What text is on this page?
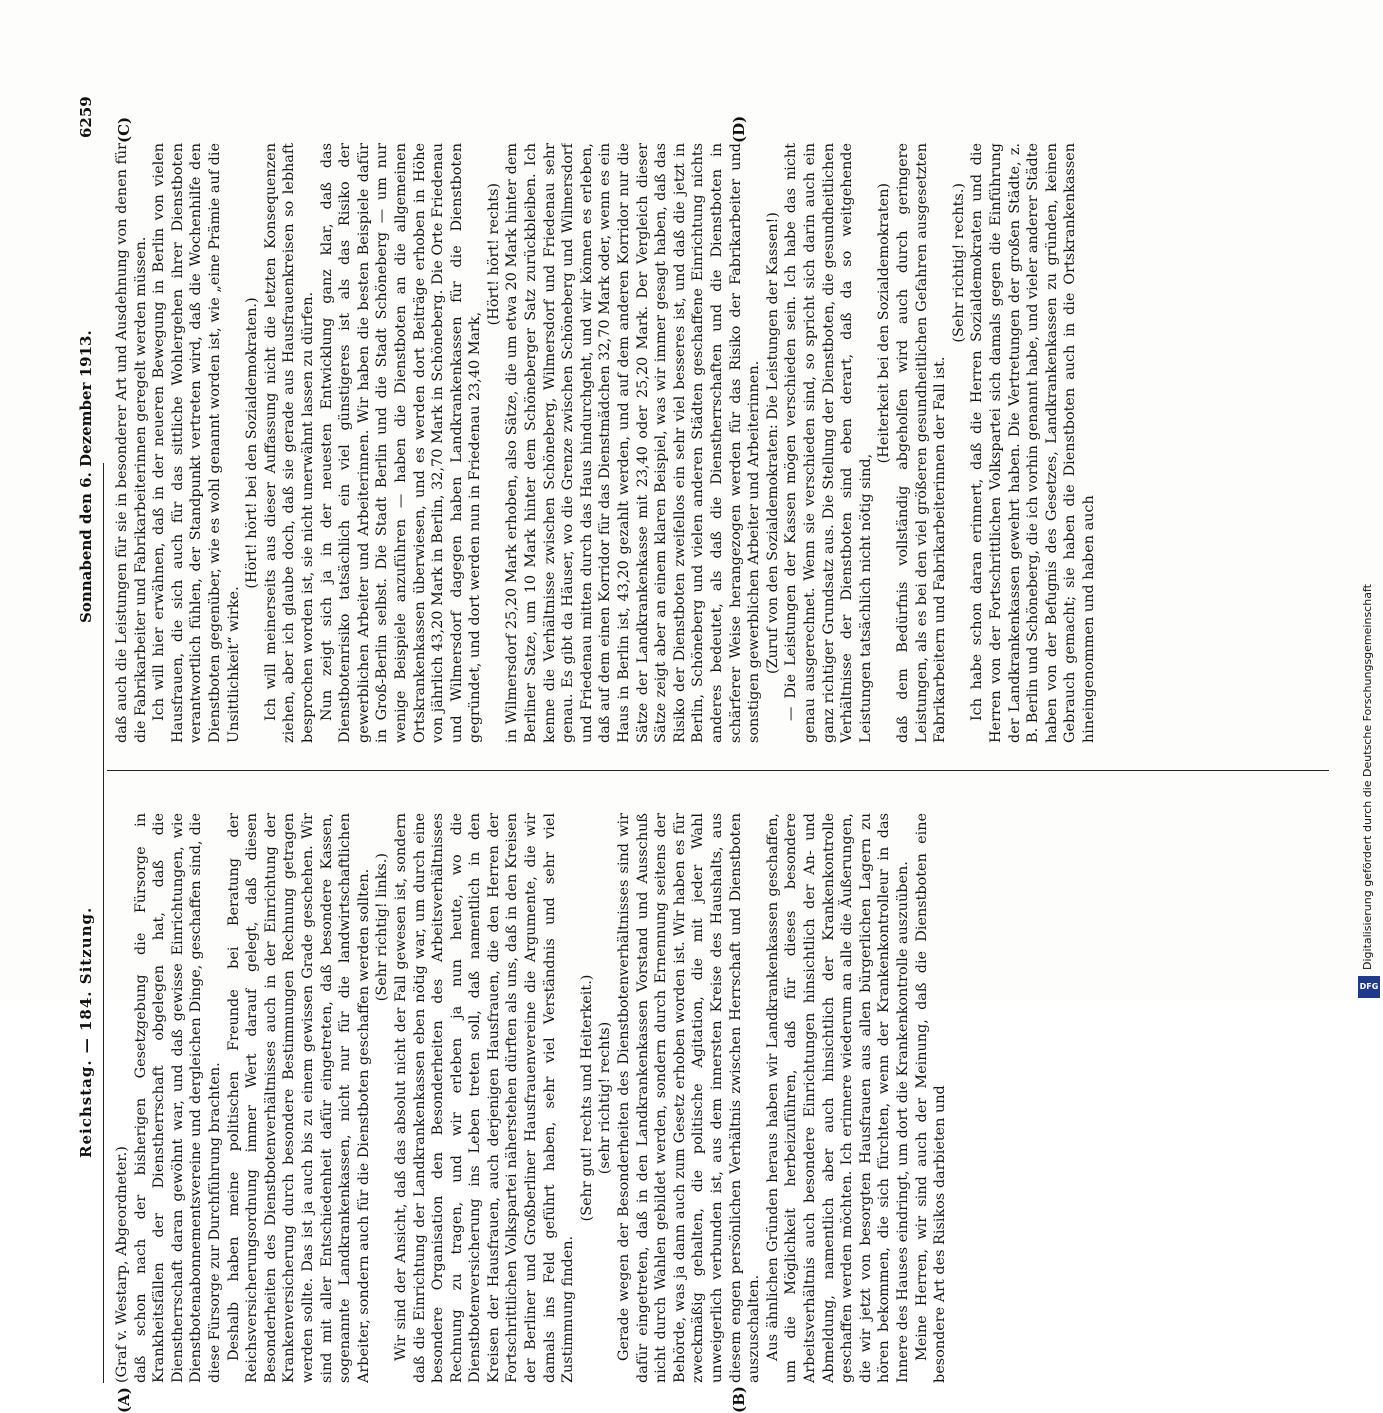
Reichstag. — 184. Sitzung.
Sonnabend den 6. Dezember 1913.
6259

(Graf v. Westarp, Abgeordneter.) daß schon nach der bisherigen Gesetzgebung die Fürsorge in Krankheitsfällen der Dienstherrschaft obgelegen hat, daß die Dienstherrschaft daran gewöhnt war, und daß gewisse Einrichtungen, wie Dienstbotenabonnementsvereine und dergleichen Dinge, geschaffen sind, die diese Fürsorge zur Durchführung brachten. Deshalb haben meine politischen Freunde bei Beratung der Reichsversicherungsordnung immer Wert darauf gelegt, daß diesen Besonderheiten des Dienstbotenverhältnisses auch in der Einrichtung der Krankenversicherung durch besondere Bestimmungen Rechnung getragen werden sollte. Das ist ja auch bis zu einem gewissen Grade geschehen. Wir sind mit aller Entschiedenheit dafür eingetreten, daß besondere Kassen, sogenannte Landkrankenkassen, nicht nur für die landwirtschaftlichen Arbeiter, sondern auch für die Dienstboten geschaffen werden sollten. (Sehr richtig! links.) Wir sind der Ansicht, daß das absolut nicht der Fall gewesen ist, sondern daß die Einrichtung der Landkrankenkassen eben nötig war, um durch eine besondere Organisation den Besonderheiten des Arbeitsverhältnisses Rechnung zu tragen, und wir erleben ja nun heute, wo die Dienstbotenversicherung ins Leben treten soll, daß namentlich in den Kreisen der Hausfrauen, auch derjenigen Hausfrauen, die den Herren der Fortschrittlichen Volkspartei näherstehen dürften als uns, daß in den Kreisen der Berliner und Großberliner Hausfrauenvereine die Argumente, die wir damals ins Feld geführt haben, sehr viel Verständnis und sehr viel Zustimmung finden.

(Sehr gut! rechts und Heiterkeit.) (sehr richtig! rechts) Gerade wegen der Besonderheiten des Dienstbotenverhältnisses sind wir dafür eingetreten, daß in den Landkrankenkassen Vorstand und Ausschuß nicht durch Wahlen gebildet werden, sondern durch Ernennung seitens der Behörde, was ja dann auch zum Gesetz erhoben worden ist. Wir haben es für zweckmäßig gehalten, die politische Agitation, die mit jeder Wahl unweigerlich verbunden ist, aus dem innersten Kreise des Haushalts, aus diesem engen persönlichen Verhältnis zwischen Herrschaft und Dienstboten auszuschalten. Aus ähnlichen Gründen heraus haben wir Landkrankenkassen geschaffen, um die Möglichkeit herbeizuführen, daß für dieses besondere Arbeitsverhältnis auch besondere Einrichtungen hinsichtlich der An- und Abmeldung, namentlich aber auch hinsichtlich der Krankenkontrolle geschaffen werden möchten. Ich erinnere wiederum an alle die Äußerungen, die wir jetzt von besorgten Hausfrauen aus allen bürgerlichen Lagern zu hören bekommen, die sich fürchten, wenn der Krankenkontrolleur in das Innere des Hauses eindringt, um dort die Krankenkontrolle auszuüben. Meine Herren, wir sind auch der Meinung, daß die Dienstboten eine besondere Art des Risikos darbieten und

daß auch die Leistungen für sie in besonderer Art und Ausdehnung von denen für die Fabrikarbeiter und Fabrikarbeiterinnen geregelt werden müssen. Ich will hier erwähnen, daß in der neueren Bewegung in Berlin von vielen Hausfrauen, die sich auch für das sittliche Wohlergehen ihrer Dienstboten verantwortlich fühlen, der Standpunkt vertreten wird, daß die Wochenhilfe den Dienstboten gegenüber, wie es wohl genannt worden ist, wie „eine Prämie auf die Unsittlichkeit“ wirke.

(Hört! hört! bei den Sozialdemokraten.) Ich will meinerseits aus dieser Auffassung nicht die letzten Konsequenzen ziehen, aber ich glaube doch, daß sie gerade aus Hausfrauenkreisen so lebhaft besprochen worden ist, sie nicht unerwähnt lassen zu dürfen. Nun zeigt sich ja in der neuesten Entwicklung ganz klar, daß das Dienstbotenrisiko tatsächlich ein viel günstigeres ist als das Risiko der gewerblichen Arbeiter und Arbeiterinnen. Wir haben die besten Beispiele dafür in Groß-Berlin selbst. Die Stadt Berlin und die Stadt Schöneberg — um nur wenige Beispiele anzuführen — haben die Dienstboten an die allgemeinen Ortskrankenkassen überwiesen, und es werden dort Beiträge erhoben in Höhe von jährlich 43,20 Mark in Berlin, 32,70 Mark in Schöneberg. Die Orte Friedenau und Wilmersdorf dagegen haben Landkrankenkassen für die Dienstboten gegründet, und dort werden nun in Friedenau 23,40 Mark,

(Hört! hört! rechts) in Wilmersdorf 25,20 Mark erhoben, also Sätze, die um etwa 20 Mark hinter dem Berliner Satze, um 10 Mark hinter dem Schöneberger Satz zurückbleiben. Ich kenne die Verhältnisse zwischen Schöneberg, Wilmersdorf und Friedenau sehr genau. Es gibt da Häuser, wo die Grenze zwischen Schöneberg und Wilmersdorf und Friedenau mitten durch das Haus hindurchgeht, und wir können es erleben, daß auf dem einen Korridor für das Dienstmädchen 32,70 Mark oder, wenn es ein Haus in Berlin ist, 43,20 gezahlt werden, und auf dem anderen Korridor nur die Sätze der Landkrankenkasse mit 23,40 oder 25,20 Mark. Der Vergleich dieser Sätze zeigt aber an einem klaren Beispiel, was wir immer gesagt haben, daß das Risiko der Dienstboten zweifellos ein sehr viel besseres ist, und daß die jetzt in Berlin, Schöneberg und vielen anderen Städten geschaffene Einrichtung nichts anderes bedeutet, als daß die Dienstherrschaften und die Dienstboten in schärferer Weise herangezogen werden für das Risiko der Fabrikarbeiter und sonstigen gewerblichen Arbeiter und Arbeiterinnen. (Zuruf von den Sozialdemokraten: Die Leistungen der Kassen!) — Die Leistungen der Kassen mögen verschieden sein. Ich habe das nicht genau ausgerechnet. Wenn sie verschieden sind, so spricht sich darin auch ein ganz richtiger Grundsatz aus. Die Stellung der Dienstboten, die gesundheitlichen Verhältnisse der Dienstboten sind eben derart, daß da so weitgehende Leistungen tatsächlich nicht nötig sind,

(Heiterkeit bei den Sozialdemokraten) daß dem Bedürfnis vollständig abgeholfen wird auch durch geringere Leistungen, als es bei den viel größeren gesundheitlichen Gefahren ausgesetzten Fabrikarbeitern und Fabrikarbeiterinnen der Fall ist.

(Sehr richtig! rechts.) Ich habe schon daran erinnert, daß die Herren Sozialdemokraten und die Herren von der Fortschrittlichen Volkspartei sich damals gegen die Einführung der Landkrankenkassen gewehrt haben. Die Vertretungen der großen Städte, z. B. Berlin und Schöneberg, die ich vorhin genannt habe, und vieler anderer Städte haben von der Befugnis des Gesetzes, Landkrankenkassen zu gründen, keinen Gebrauch gemacht; sie haben die Dienstboten auch in die Ortskrankenkassen hineingenommen und haben auch

(A)	(B)
(C)	(D)
Digitalisierung gefördert durch die Deutsche Forschungsgemeinschaft
DFG
